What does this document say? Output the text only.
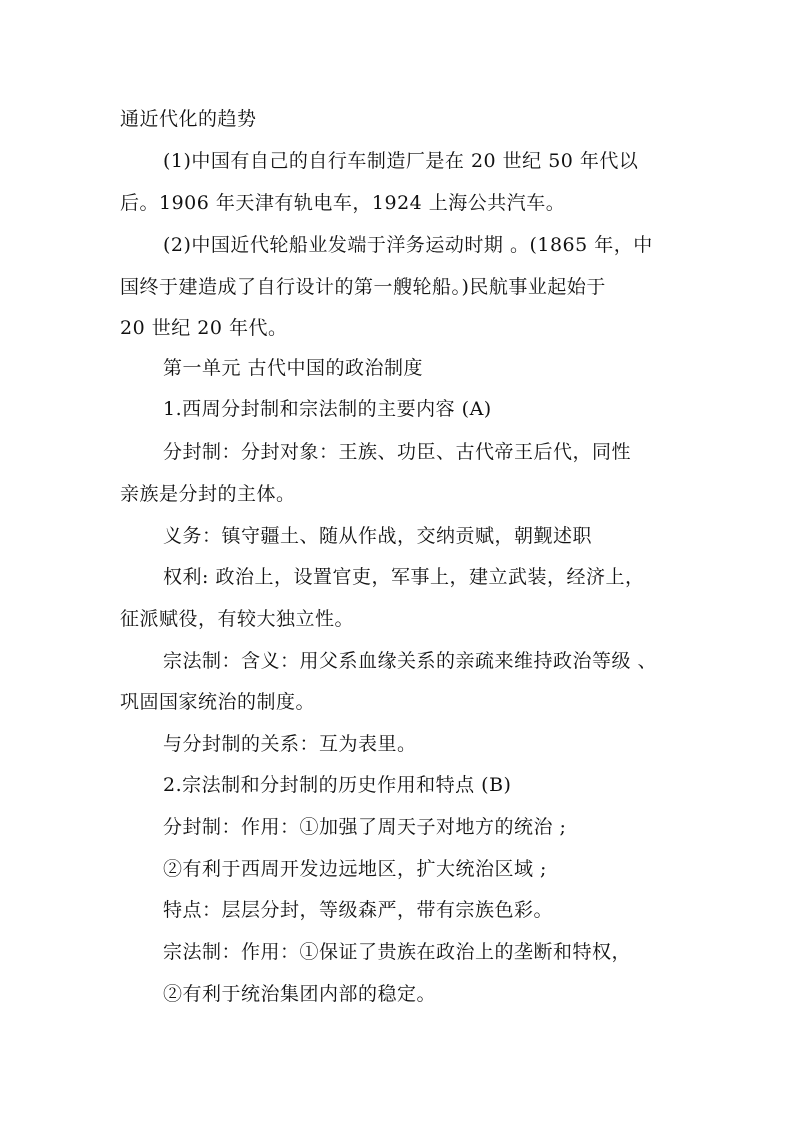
通近代化的趋势
(1)中国有自己的自行车制造厂是在 20 世纪 50 年代以
后。1906 年天津有轨电车，1924 上海公共汽车。
(2)中国近代轮船业发端于洋务运动时期 。(1865 年，中
国终于建造成了自行设计的第一艘轮船。)民航事业起始于
20 世纪 20 年代。
第一单元 古代中国的政治制度
1.西周分封制和宗法制的主要内容 (A)
分封制：分封对象：王族、功臣、古代帝王后代，同性
亲族是分封的主体。
义务：镇守疆土、随从作战，交纳贡赋，朝觐述职
权利: 政治上，设置官吏，军事上，建立武装，经济上，
征派赋役，有较大独立性。
宗法制：含义：用父系血缘关系的亲疏来维持政治等级 、
巩固国家统治的制度。
与分封制的关系：互为表里。
2.宗法制和分封制的历史作用和特点 (B)
分封制：作用：①加强了周天子对地方的统治 ;
②有利于西周开发边远地区，扩大统治区域 ;
特点：层层分封，等级森严，带有宗族色彩。
宗法制：作用：①保证了贵族在政治上的垄断和特权，
②有利于统治集团内部的稳定。
